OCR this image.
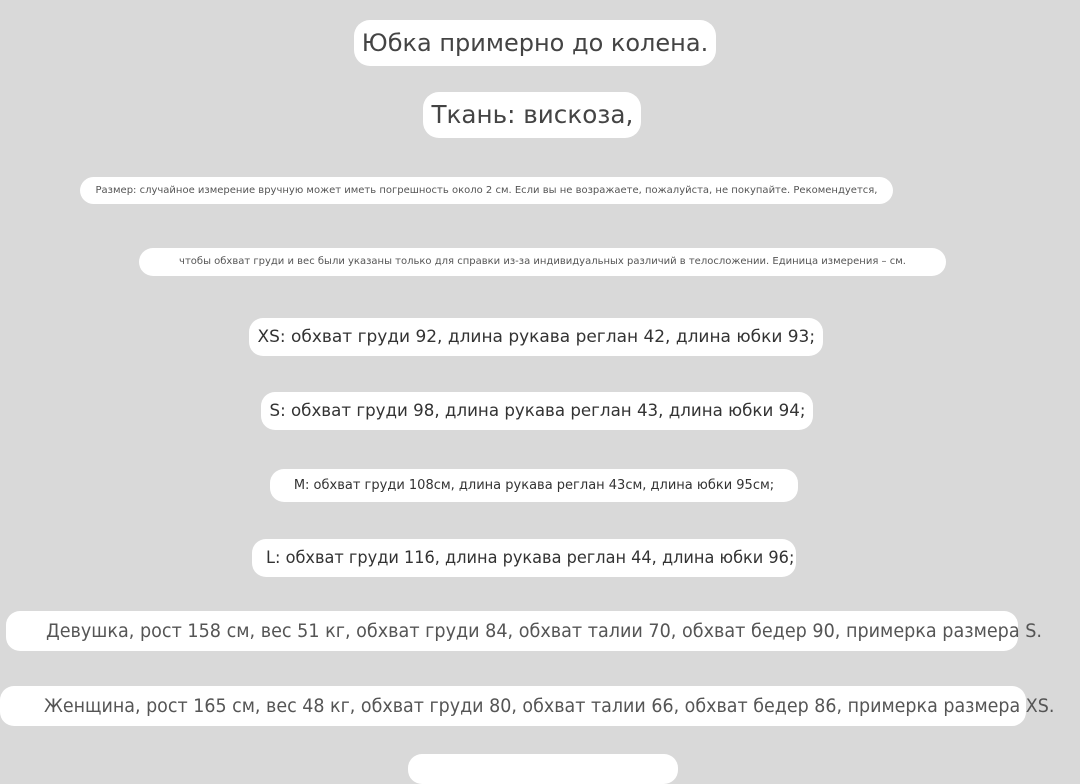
Юбка примерно до колена.
Ткань: вискоза,
Размер: случайное измерение вручную может иметь погрешность около 2 см. Если вы не возражаете, пожалуйста, не покупайте. Рекомендуется,
чтобы обхват груди и вес были указаны только для справки из-за индивидуальных различий в телосложении. Единица измерения – см.
XS: обхват груди 92, длина рукава реглан 42, длина юбки 93;
S: обхват груди 98, длина рукава реглан 43, длина юбки 94;
M: обхват груди 108см, длина рукава реглан 43см, длина юбки 95см;
L: обхват груди 116, длина рукава реглан 44, длина юбки 96;
Девушка, рост 158 см, вес 51 кг, обхват груди 84, обхват талии 70, обхват бедер 90, примерка размера S.
Женщина, рост 165 см, вес 48 кг, обхват груди 80, обхват талии 66, обхват бедер 86, примерка размера XS.
